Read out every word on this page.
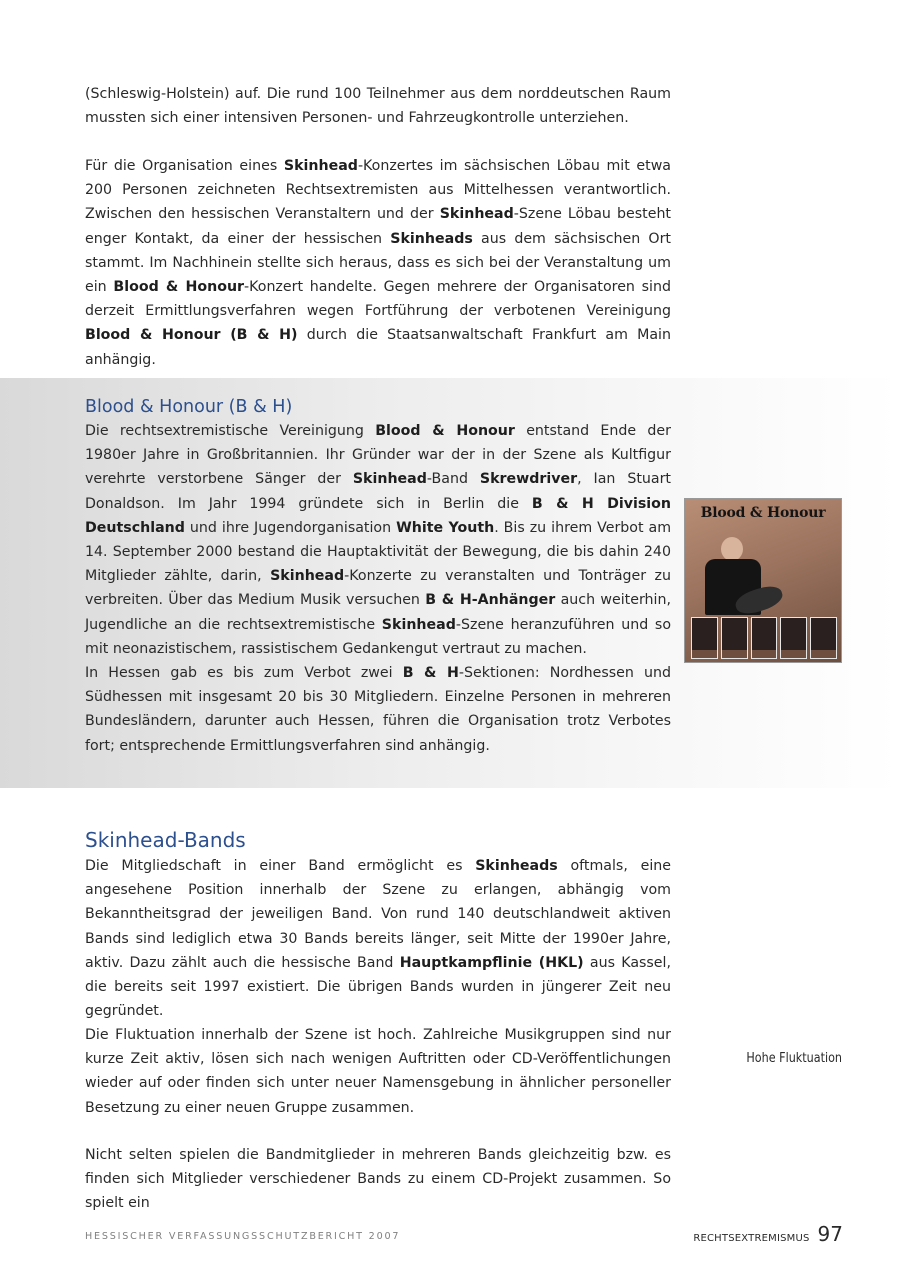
(Schleswig-Holstein) auf. Die rund 100 Teilnehmer aus dem norddeutschen Raum mussten sich einer intensiven Personen- und Fahrzeugkontrolle unterziehen.

Für die Organisation eines Skinhead-Konzertes im sächsischen Löbau mit etwa 200 Personen zeichneten Rechtsextremisten aus Mittelhessen verantwortlich. Zwischen den hessischen Veranstaltern und der Skinhead-Szene Löbau besteht enger Kontakt, da einer der hessischen Skinheads aus dem sächsischen Ort stammt. Im Nachhinein stellte sich heraus, dass es sich bei der Veranstaltung um ein Blood & Honour-Konzert handelte. Gegen mehrere der Organisatoren sind derzeit Ermittlungsverfahren wegen Fortführung der verbotenen Vereinigung Blood & Honour (B & H) durch die Staatsanwaltschaft Frankfurt am Main anhängig.

Blood & Honour (B & H)

Die rechtsextremistische Vereinigung Blood & Honour entstand Ende der 1980er Jahre in Großbritannien. Ihr Gründer war der in der Szene als Kultfigur verehrte verstorbene Sänger der Skinhead-Band Skrewdriver, Ian Stuart Donaldson. Im Jahr 1994 gründete sich in Berlin die B & H Division Deutschland und ihre Jugendorganisation White Youth. Bis zu ihrem Verbot am 14. September 2000 bestand die Hauptaktivität der Bewegung, die bis dahin 240 Mitglieder zählte, darin, Skinhead-Konzerte zu veranstalten und Tonträger zu verbreiten. Über das Medium Musik versuchen B & H-Anhänger auch weiterhin, Jugendliche an die rechtsextremistische Skinhead-Szene heranzuführen und so mit neonazistischem, rassistischem Gedankengut vertraut zu machen.

In Hessen gab es bis zum Verbot zwei B & H-Sektionen: Nordhessen und Südhessen mit insgesamt 20 bis 30 Mitgliedern. Einzelne Personen in mehreren Bundesländern, darunter auch Hessen, führen die Organisation trotz Verbotes fort; entsprechende Ermittlungsverfahren sind anhängig.

Blood & Honour
Skinhead-Bands

Die Mitgliedschaft in einer Band ermöglicht es Skinheads oftmals, eine angesehene Position innerhalb der Szene zu erlangen, abhängig vom Bekanntheitsgrad der jeweiligen Band. Von rund 140 deutschlandweit aktiven Bands sind lediglich etwa 30 Bands bereits länger, seit Mitte der 1990er Jahre, aktiv. Dazu zählt auch die hessische Band Hauptkampflinie (HKL) aus Kassel, die bereits seit 1997 existiert. Die übrigen Bands wurden in jüngerer Zeit neu gegründet.

Die Fluktuation innerhalb der Szene ist hoch. Zahlreiche Musikgruppen sind nur kurze Zeit aktiv, lösen sich nach wenigen Auftritten oder CD-Veröffentlichungen wieder auf oder finden sich unter neuer Namensgebung in ähnlicher personeller Besetzung zu einer neuen Gruppe zusammen.

Nicht selten spielen die Bandmitglieder in mehreren Bands gleichzeitig bzw. es finden sich Mitglieder verschiedener Bands zu einem CD-Projekt zusammen. So spielt ein

Hohe Fluktuation
HESSISCHER VERFASSUNGSSCHUTZBERICHT 2007	RECHTSEXTREMISMUS 97
